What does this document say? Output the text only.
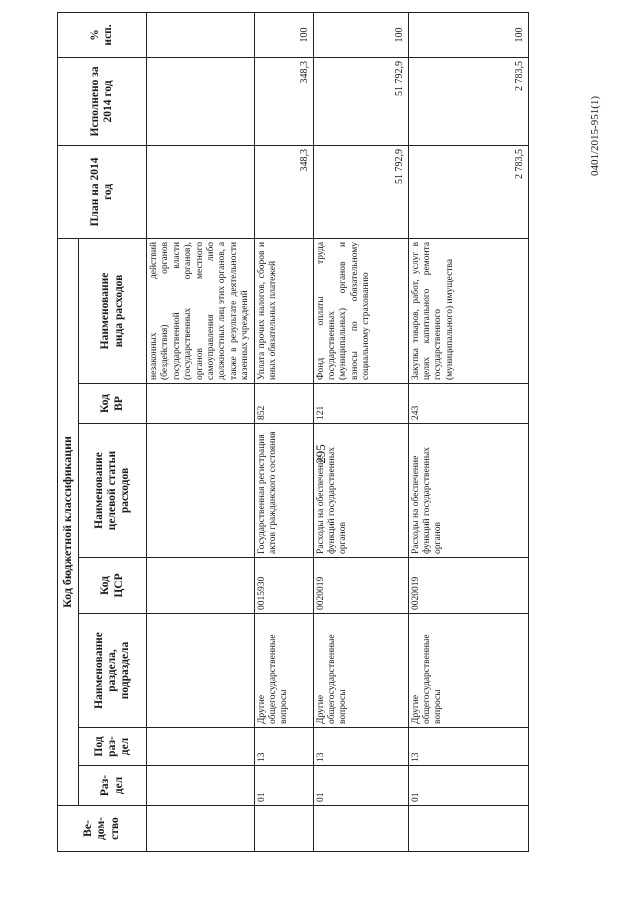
295
0401/2015-951(1)
Ве-
дом-
ство	Код бюджетной классификации							План на 2014
год	Исполнено за
2014 год	%
исп.
	Раз-
дел	Под
раз-
дел	Наименование
раздела,
подраздела	Код
ЦСР	Наименование
целевой статьи
расходов	Код
ВР	Наименование
вида расходов			
							незаконных действий (бездействия) органов государственной власти (государственных органов), органов местного самоуправления либо должностных лиц этих органов, а также в результате деятельности казенных учреждений			
	01	13	Другие общегосударственные вопросы	0015930	Государственная регистрация актов гражданского состояния	852	Уплата прочих налогов, сборов и иных обязательных платежей	348,3	348,3	100
	01	13	Другие общегосударственные вопросы	0020019	Расходы на обеспечение функций государственных органов	121	Фонд оплаты труда государственных (муниципальных) органов и взносы по обязательному социальному страхованию	51 792,9	51 792,9	100
	01	13	Другие общегосударственные вопросы	0020019	Расходы на обеспечение функций государственных органов	243	Закупка товаров, работ, услуг в целях капитального ремонта государственного (муниципального) имущества	2 783,5	2 783,5	100
